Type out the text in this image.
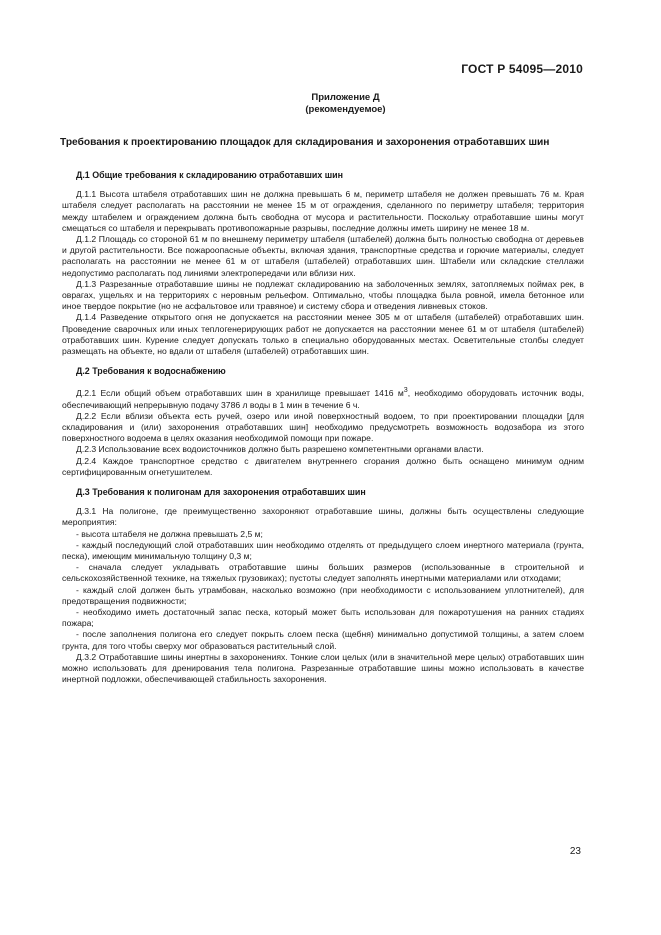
ГОСТ Р 54095—2010
Приложение Д
(рекомендуемое)
Требования к проектированию площадок для складирования и захоронения отработавших шин
Д.1 Общие требования к складированию отработавших шин

Д.1.1 Высота штабеля отработавших шин не должна превышать 6 м, периметр штабеля не должен превышать 76 м. Края штабеля следует располагать на расстоянии не менее 15 м от ограждения, сделанного по периметру штабеля; территория между штабелем и ограждением должна быть свободна от мусора и растительности. Поскольку отработавшие шины могут смещаться со штабеля и перекрывать противопожарные разрывы, последние должны иметь ширину не менее 18 м.

Д.1.2 Площадь со стороной 61 м по внешнему периметру штабеля (штабелей) должна быть полностью свободна от деревьев и другой растительности. Все пожароопасные объекты, включая здания, транспортные средства и горючие материалы, следует располагать на расстоянии не менее 61 м от штабеля (штабелей) отработавших шин. Штабели или складские стеллажи недопустимо располагать под линиями электропередачи или вблизи них.

Д.1.3 Разрезанные отработавшие шины не подлежат складированию на заболоченных землях, затопляемых поймах рек, в оврагах, ущельях и на территориях с неровным рельефом. Оптимально, чтобы площадка была ровной, имела бетонное или иное твердое покрытие (но не асфальтовое или травяное) и систему сбора и отведения ливневых стоков.

Д.1.4 Разведение открытого огня не допускается на расстоянии менее 305 м от штабеля (штабелей) отработавших шин. Проведение сварочных или иных теплогенерирующих работ не допускается на расстоянии менее 61 м от штабеля (штабелей) отработавших шин. Курение следует допускать только в специально оборудованных местах. Осветительные столбы следует размещать на объекте, но вдали от штабеля (штабелей) отработавших шин.

Д.2 Требования к водоснабжению

Д.2.1 Если общий объем отработавших шин в хранилище превышает 1416 $м^3$, необходимо оборудовать источник воды, обеспечивающий непрерывную подачу 3786 л воды в 1 мин в течение 6 ч.

Д.2.2 Если вблизи объекта есть ручей, озеро или иной поверхностный водоем, то при проектировании площадки [для складирования и (или) захоронения отработавших шин] необходимо предусмотреть возможность водозабора из этого поверхностного водоема в целях оказания необходимой помощи при пожаре.

Д.2.3 Использование всех водоисточников должно быть разрешено компетентными органами власти.

Д.2.4 Каждое транспортное средство с двигателем внутреннего сгорания должно быть оснащено минимум одним сертифицированным огнетушителем.

Д.3 Требования к полигонам для захоронения отработавших шин

Д.3.1 На полигоне, где преимущественно захороняют отработавшие шины, должны быть осуществлены следующие мероприятия:

- высота штабеля не должна превышать 2,5 м;

- каждый последующий слой отработавших шин необходимо отделять от предыдущего слоем инертного материала (грунта, песка), имеющим минимальную толщину 0,3 м;

- сначала следует укладывать отработавшие шины больших размеров (использованные в строительной и сельскохозяйственной технике, на тяжелых грузовиках); пустоты следует заполнять инертными материалами или отходами;

- каждый слой должен быть утрамбован, насколько возможно (при необходимости с использованием уплотнителей), для предотвращения подвижности;

- необходимо иметь достаточный запас песка, который может быть использован для пожаротушения на ранних стадиях пожара;

- после заполнения полигона его следует покрыть слоем песка (щебня) минимально допустимой толщины, а затем слоем грунта, для того чтобы сверху мог образоваться растительный слой.

Д.3.2 Отработавшие шины инертны в захоронениях. Тонкие слои целых (или в значительной мере целых) отработавших шин можно использовать для дренирования тела полигона. Разрезанные отработавшие шины можно использовать в качестве инертной подложки, обеспечивающей стабильность захоронения.

23
